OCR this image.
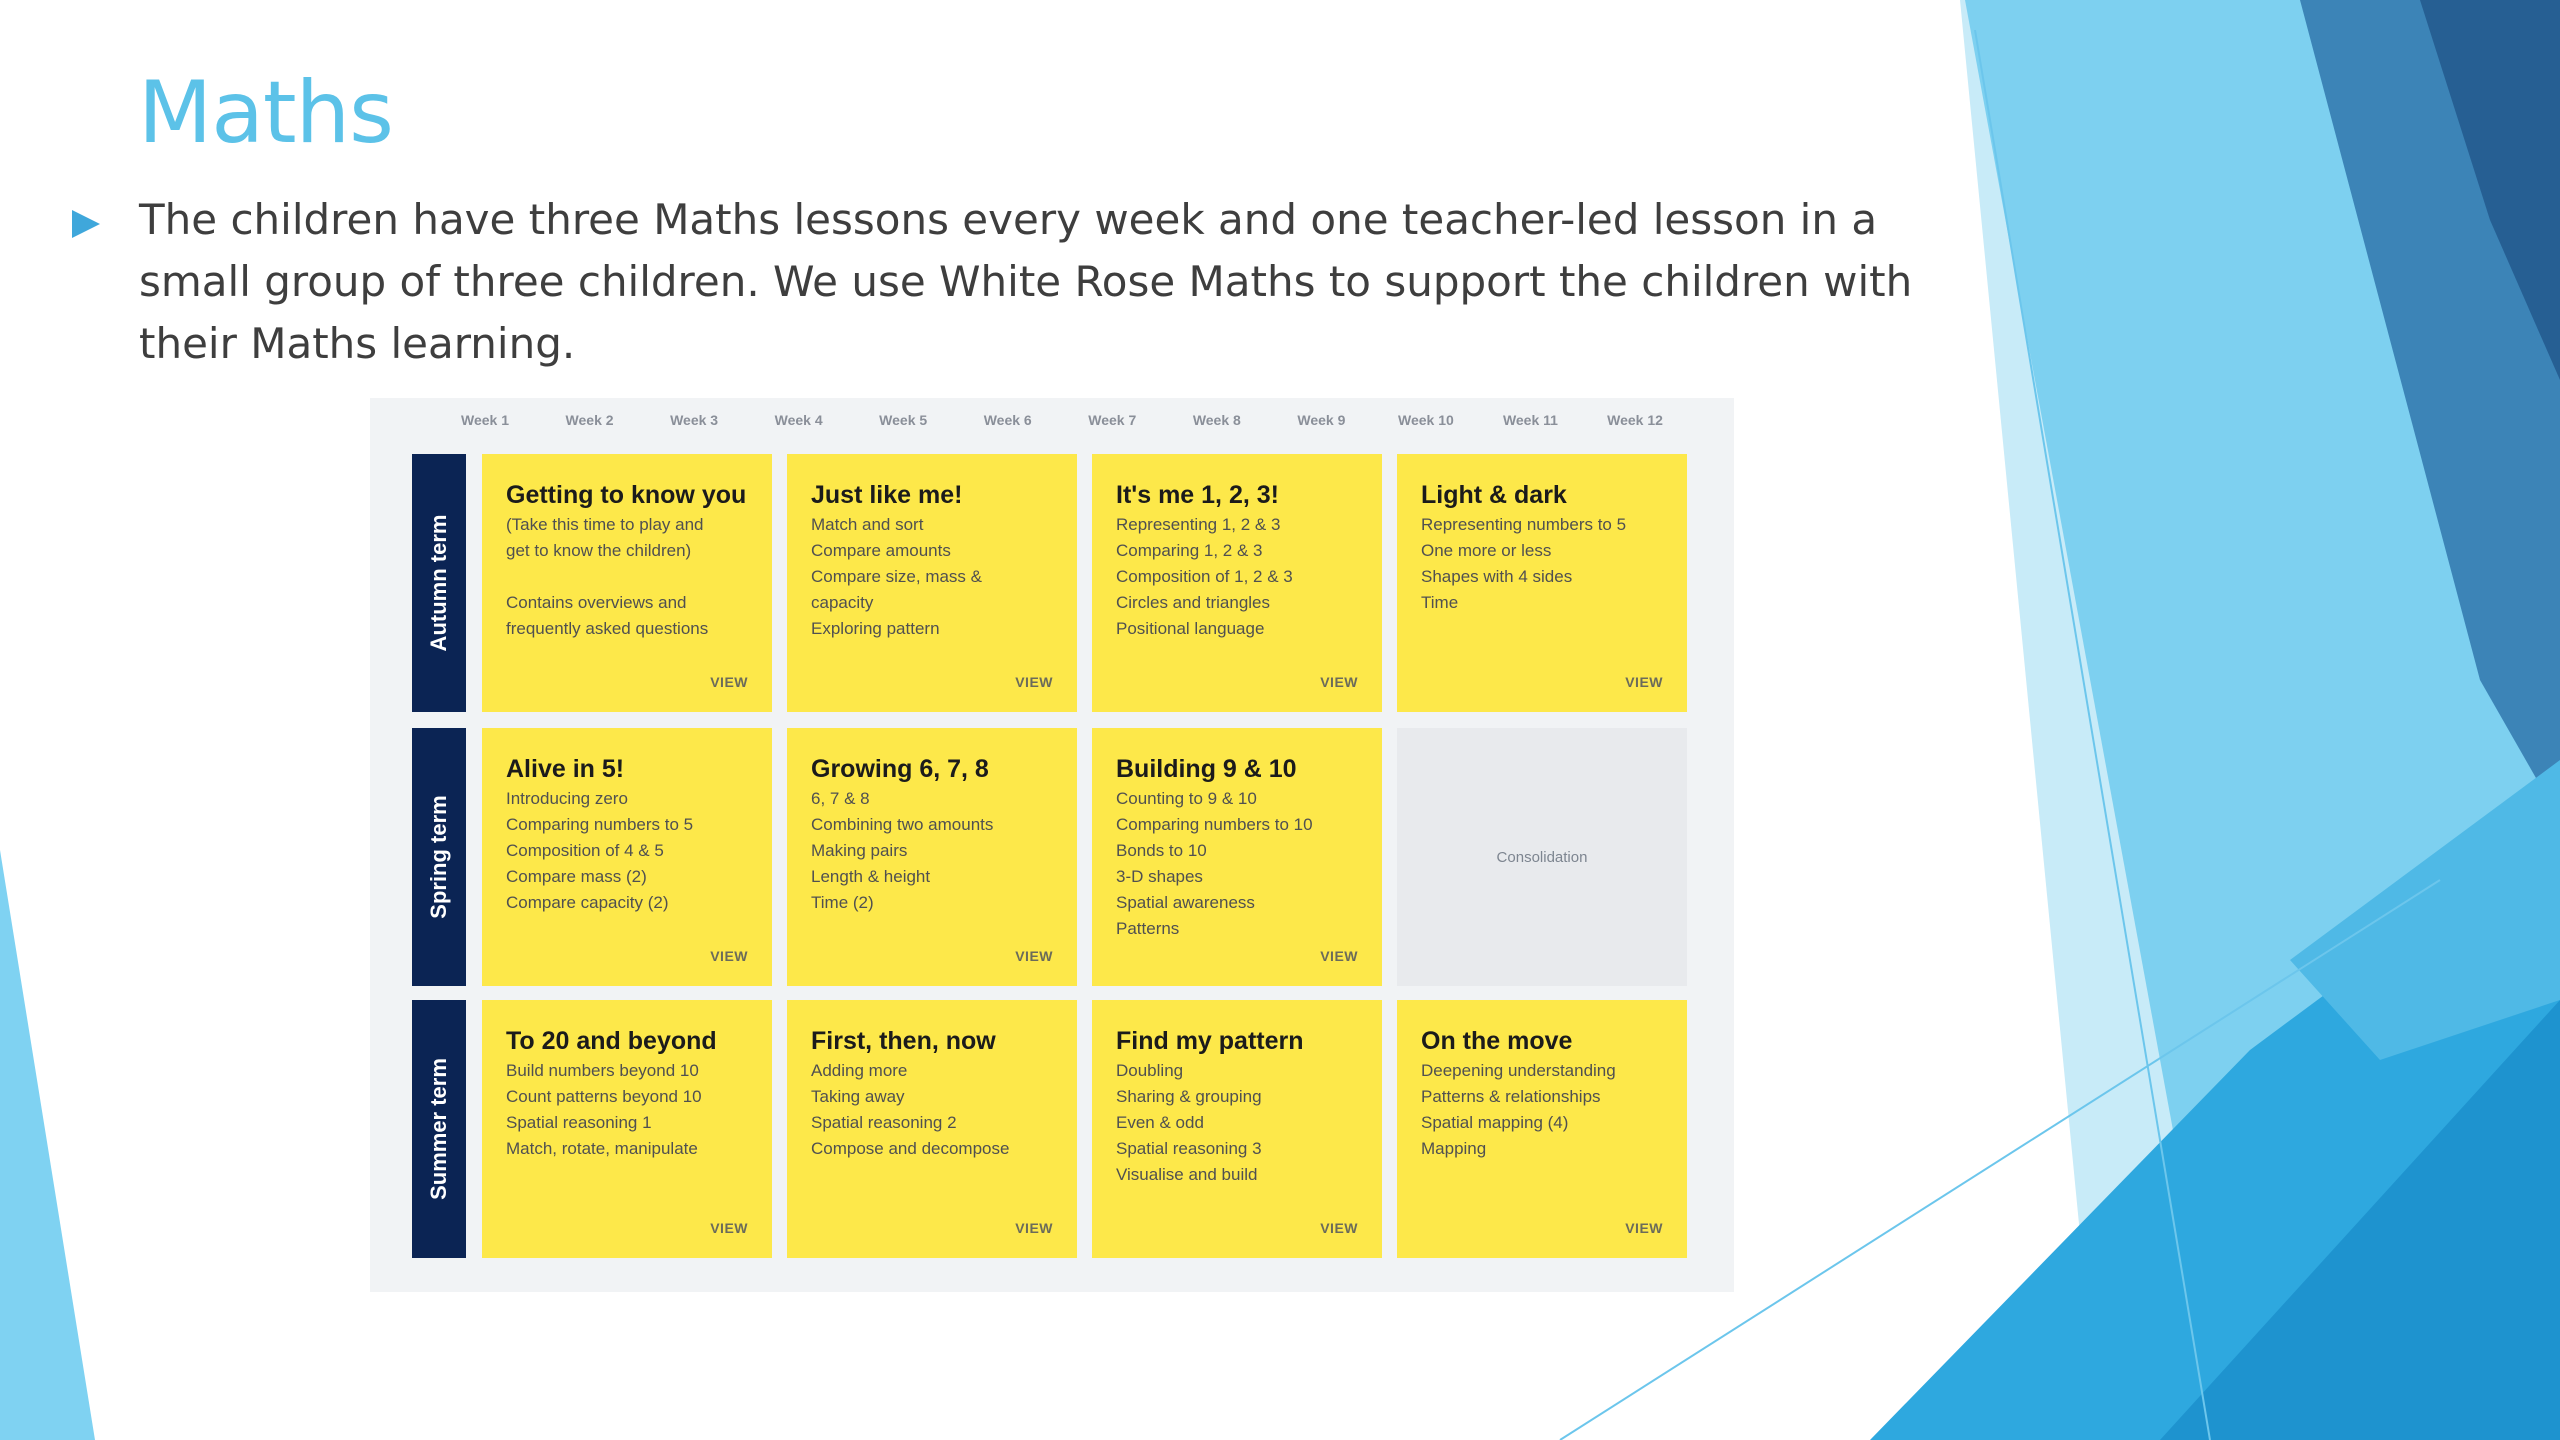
Maths
The children have three Maths lessons every week and one teacher-led lesson in a small group of three children. We use White Rose Maths to support the children with their Maths learning.
Week 1	Week 2	Week 3	Week 4	Week 5	Week 6	Week 7	Week 8	Week 9	Week 10	Week 11	Week 12
Autumn term
Getting to know you
(Take this time to play and
get to know the children)
Contains overviews and
frequently asked questions
VIEW
Just like me!
Match and sort
Compare amounts
Compare size, mass &
capacity
Exploring pattern
VIEW
It's me 1, 2, 3!
Representing 1, 2 & 3
Comparing 1, 2 & 3
Composition of 1, 2 & 3
Circles and triangles
Positional language
VIEW
Light & dark
Representing numbers to 5
One more or less
Shapes with 4 sides
Time
VIEW
Spring term
Alive in 5!
Introducing zero
Comparing numbers to 5
Composition of 4 & 5
Compare mass (2)
Compare capacity (2)
VIEW
Growing 6, 7, 8
6, 7 & 8
Combining two amounts
Making pairs
Length & height
Time (2)
VIEW
Building 9 & 10
Counting to 9 & 10
Comparing numbers to 10
Bonds to 10
3-D shapes
Spatial awareness
Patterns
VIEW
Consolidation
Summer term
To 20 and beyond
Build numbers beyond 10
Count patterns beyond 10
Spatial reasoning 1
Match, rotate, manipulate
VIEW
First, then, now
Adding more
Taking away
Spatial reasoning 2
Compose and decompose
VIEW
Find my pattern
Doubling
Sharing & grouping
Even & odd
Spatial reasoning 3
Visualise and build
VIEW
On the move
Deepening understanding
Patterns & relationships
Spatial mapping (4)
Mapping
VIEW
